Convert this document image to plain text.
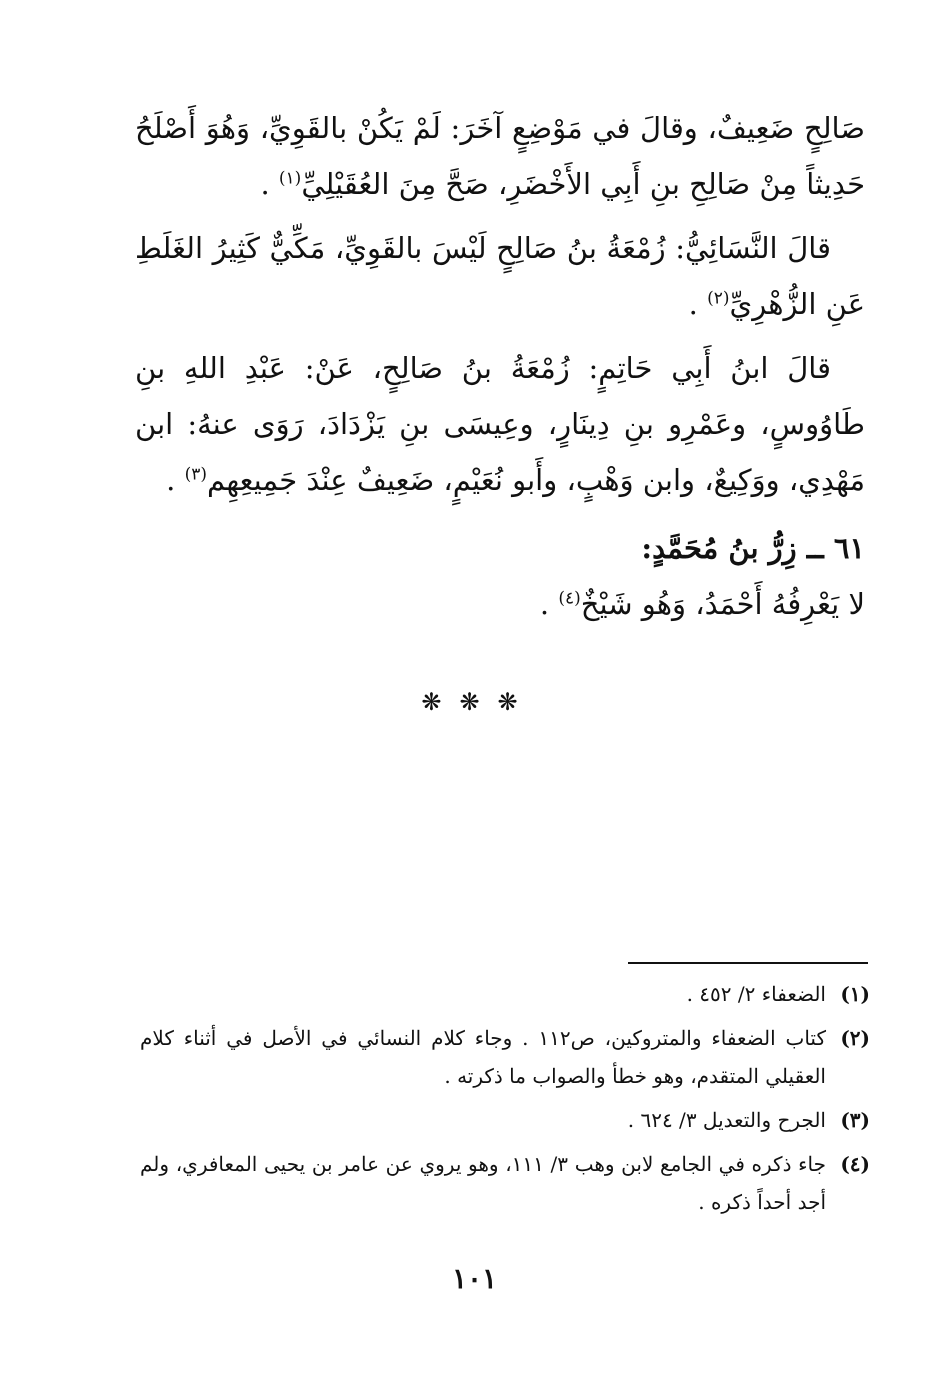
صَالِحٍ ضَعِيفٌ، وقالَ في مَوْضِعٍ آخَرَ: لَمْ يَكُنْ بالقَوِيِّ، وَهُوَ أَصْلَحُ حَدِيثاً مِنْ صَالِحِ بنِ أَبِي الأَخْضَرِ، صَحَّ مِنَ العُقَيْلِيِّ$^{(١)}$ .

قالَ النَّسَائِيُّ: زُمْعَةُ بنُ صَالِحٍ لَيْسَ بالقَوِيِّ، مَكِّيٌّ كَثِيرُ الغَلَطِ عَنِ الزُّهْرِيِّ$^{(٢)}$ .

قالَ ابنُ أَبِي حَاتِمٍ: زُمْعَةُ بنُ صَالِحٍ، عَنْ: عَبْدِ اللهِ بنِ طَاوُوسٍ، وعَمْرِو بنِ دِينَارٍ، وعِيسَى بنِ يَزْدَادَ، رَوَى عنهُ: ابن مَهْدِي، ووَكِيعٌ، وابن وَهْبٍ، وأَبو نُعَيْمٍ، ضَعِيفٌ عِنْدَ جَمِيعِهِم$^{(٣)}$ .

٦١ ــ زِرُّ بنُ مُحَمَّدٍ:

لا يَعْرِفُهُ أَحْمَدُ، وَهُو شَيْخٌ$^{(٤)}$ .

❋ ❋ ❋
(١)
الضعفاء ٢/ ٤٥٢ .
(٢)
كتاب الضعفاء والمتروكين، ص١١٢ . وجاء كلام النسائي في الأصل في أثناء كلام العقيلي المتقدم، وهو خطأ والصواب ما ذكرته .
(٣)
الجرح والتعديل ٣/ ٦٢٤ .
(٤)
جاء ذكره في الجامع لابن وهب ٣/ ١١١، وهو يروي عن عامر بن يحيى المعافري، ولم أجد أحداً ذكره .
١٠١
